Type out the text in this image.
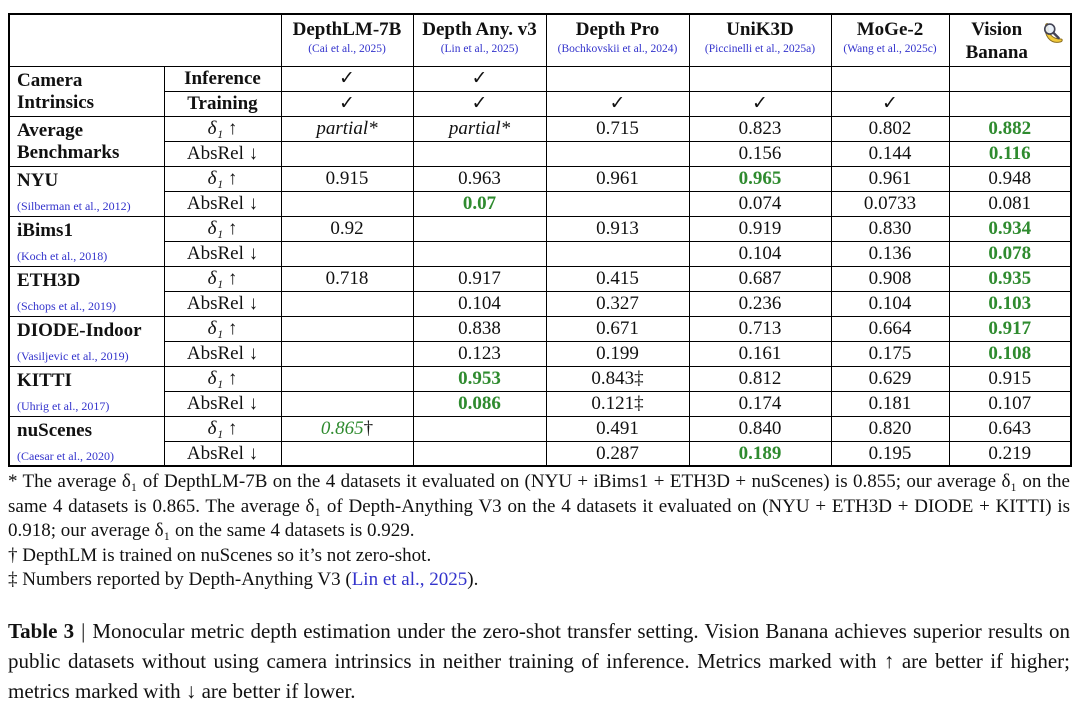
DepthLM-7B
(Cai et al., 2025)

Depth Any. v3
(Lin et al., 2025)

Depth Pro
(Bochkovskii et al., 2024)

UniK3D
(Piccinelli et al., 2025a)

MoGe-2
(Wang et al., 2025c)

Vision Banana

Camera
Intrinsics	Inference	✓	✓				
	Training	✓	✓	✓	✓	✓	

Average
Benchmarks	δ₁ ↑	partial*	partial*	0.715	0.823	0.802	0.882
	AbsRel ↓				0.156	0.144	0.116

NYU
(Silberman et al., 2012)	δ₁ ↑	0.915	0.963	0.961	0.965	0.961	0.948
	AbsRel ↓		0.07		0.074	0.0733	0.081

iBims1
(Koch et al., 2018)	δ₁ ↑	0.92		0.913	0.919	0.830	0.934
	AbsRel ↓				0.104	0.136	0.078

ETH3D
(Schops et al., 2019)	δ₁ ↑	0.718	0.917	0.415	0.687	0.908	0.935
	AbsRel ↓		0.104	0.327	0.236	0.104	0.103

DIODE-Indoor
(Vasiljevic et al., 2019)	δ₁ ↑		0.838	0.671	0.713	0.664	0.917
	AbsRel ↓		0.123	0.199	0.161	0.175	0.108

KITTI
(Uhrig et al., 2017)	δ₁ ↑		0.953	0.843‡	0.812	0.629	0.915
	AbsRel ↓		0.086	0.121‡	0.174	0.181	0.107

nuScenes
(Caesar et al., 2020)	δ₁ ↑	0.865†		0.491	0.840	0.820	0.643
	AbsRel ↓			0.287	0.189	0.195	0.219

* The average δ₁ of DepthLM-7B on the 4 datasets it evaluated on (NYU + iBims1 + ETH3D + nuScenes) is 0.855; our average δ₁ on the same 4 datasets is 0.865. The average δ₁ of Depth-Anything V3 on the 4 datasets it evaluated on (NYU + ETH3D + DIODE + KITTI) is 0.918; our average δ₁ on the same 4 datasets is 0.929.

† DepthLM is trained on nuScenes so it’s not zero-shot.

‡ Numbers reported by Depth-Anything V3 (Lin et al., 2025).

Table 3 | Monocular metric depth estimation under the zero-shot transfer setting. Vision Banana achieves superior results on public datasets without using camera intrinsics in neither training of inference. Metrics marked with ↑ are better if higher; metrics marked with ↓ are better if lower.
